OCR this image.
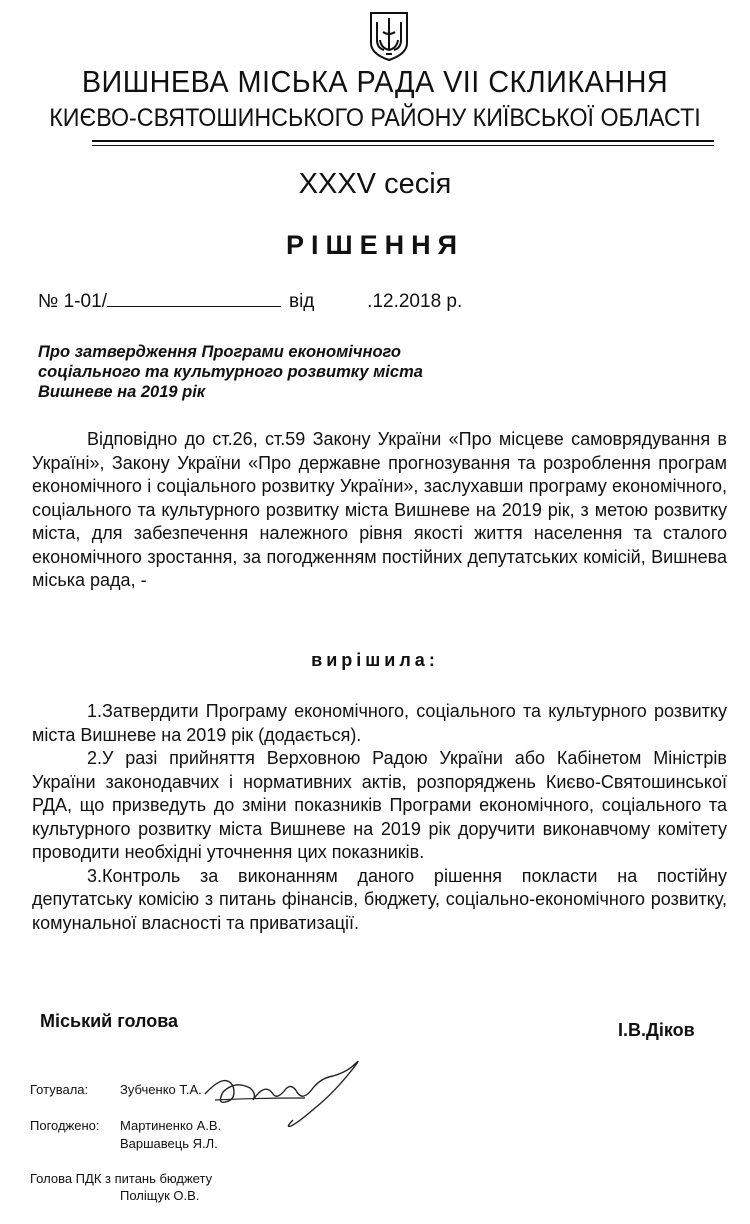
ВИШНЕВА МІСЬКА РАДА VII СКЛИКАННЯ
КИЄВО-СВЯТОШИНСЬКОГО РАЙОНУ КИЇВСЬКОЇ ОБЛАСТІ
XXXV сесія
РІШЕННЯ
№ 1-01/	від	.12.2018 р.
Про затвердження Програми економічного
соціального та культурного розвитку міста
Вишневе на 2019 рік

Відповідно до ст.26, ст.59 Закону України «Про місцеве самоврядування в Україні», Закону України «Про державне прогнозування та розроблення програм економічного і соціального розвитку України», заслухавши програму економічного, соціального та культурного розвитку міста Вишневе на 2019 рік, з метою розвитку міста, для забезпечення належного рівня якості життя населення та сталого економічного зростання, за погодженням постійних депутатських комісій, Вишнева міська рада, -

вирішила:

1.Затвердити Програму економічного, соціального та культурного розвитку міста Вишневе на 2019 рік (додається).

2.У разі прийняття Верховною Радою України або Кабінетом Міністрів України законодавчих і нормативних актів, розпоряджень Києво-Святошинської РДА, що призведуть до зміни показників Програми економічного, соціального та культурного розвитку міста Вишневе на 2019 рік доручити виконавчому комітету проводити необхідні уточнення цих показників.

3.Контроль за виконанням даного рішення покласти на постійну депутатську комісію з питань фінансів, бюджету, соціально-економічного розвитку, комунальної власності та приватизації.

Міський голова	І.В.Діков
Готувала: Зубченко Т.А.
Погоджено: Мартиненко А.В.
Варшавець Я.Л.
Голова ПДК з питань бюджету
Поліщук О.В.
